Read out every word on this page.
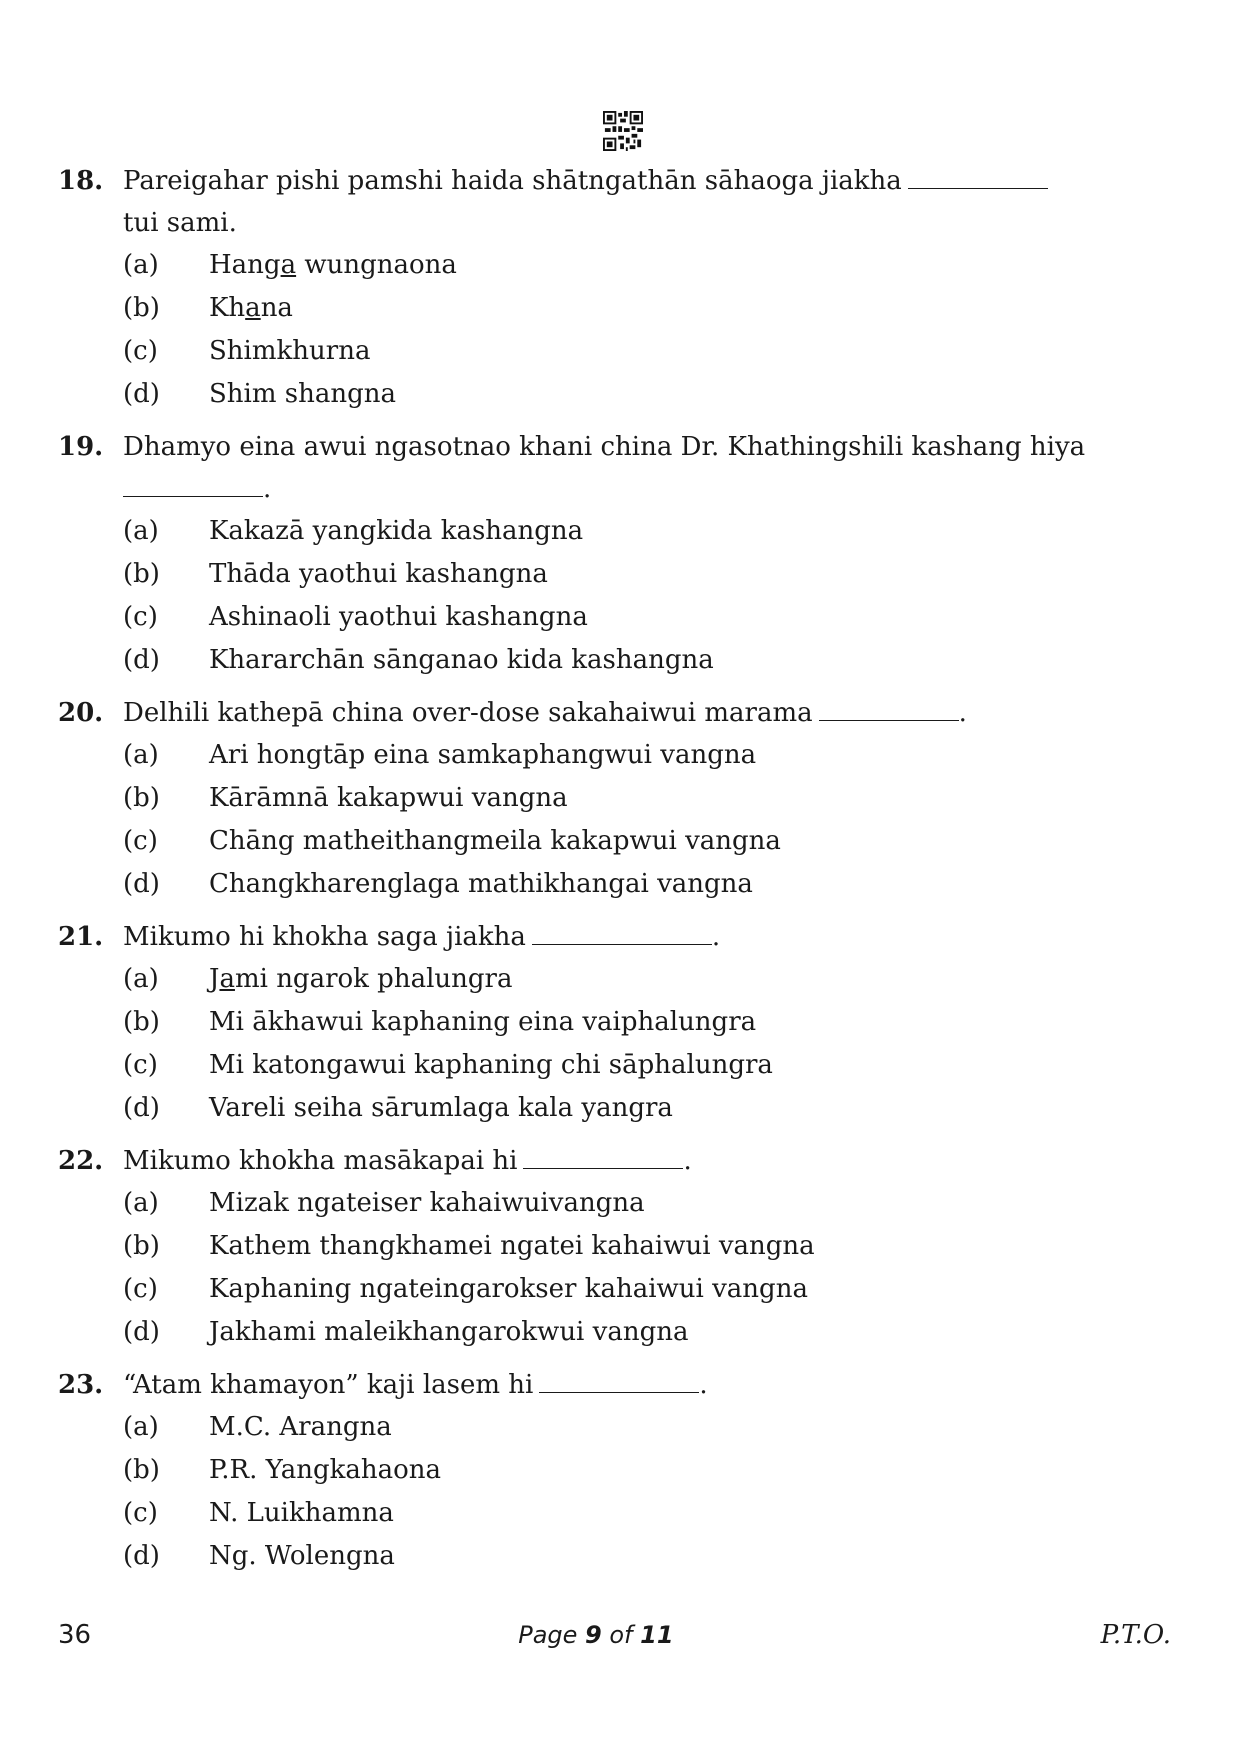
18. Pareigahar pishi pamshi haida shātngathān sāhaoga jiakha
tui sami.
(a)	Hanga wungnaona
(b)	Khana
(c)	Shimkhurna
(d)	Shim shangna
19. Dhamyo eina awui ngasotnao khani china Dr. Khathingshili kashang hiya
.
(a)	Kakazā yangkida kashangna
(b)	Thāda yaothui kashangna
(c)	Ashinaoli yaothui kashangna
(d)	Khararchān sānganao kida kashangna
20. Delhili kathepā china over-dose sakahaiwui marama	.
(a)	Ari hongtāp eina samkaphangwui vangna
(b)	Kārāmnā kakapwui vangna
(c)	Chāng matheithangmeila kakapwui vangna
(d)	Changkharenglaga mathikhangai vangna
21. Mikumo hi khokha saga jiakha	.
(a)	Jami ngarok phalungra
(b)	Mi ākhawui kaphaning eina vaiphalungra
(c)	Mi katongawui kaphaning chi sāphalungra
(d)	Vareli seiha sārumlaga kala yangra
22. Mikumo khokha masākapai hi	.
(a)	Mizak ngateiser kahaiwuivangna
(b)	Kathem thangkhamei ngatei kahaiwui vangna
(c)	Kaphaning ngateingarokser kahaiwui vangna
(d)	Jakhami maleikhangarokwui vangna
23. “Atam khamayon” kaji lasem hi	.
(a)	M.C. Arangna
(b)	P.R. Yangkahaona
(c)	N. Luikhamna
(d)	Ng. Wolengna
36	Page 9 of 11	P.T.O.
